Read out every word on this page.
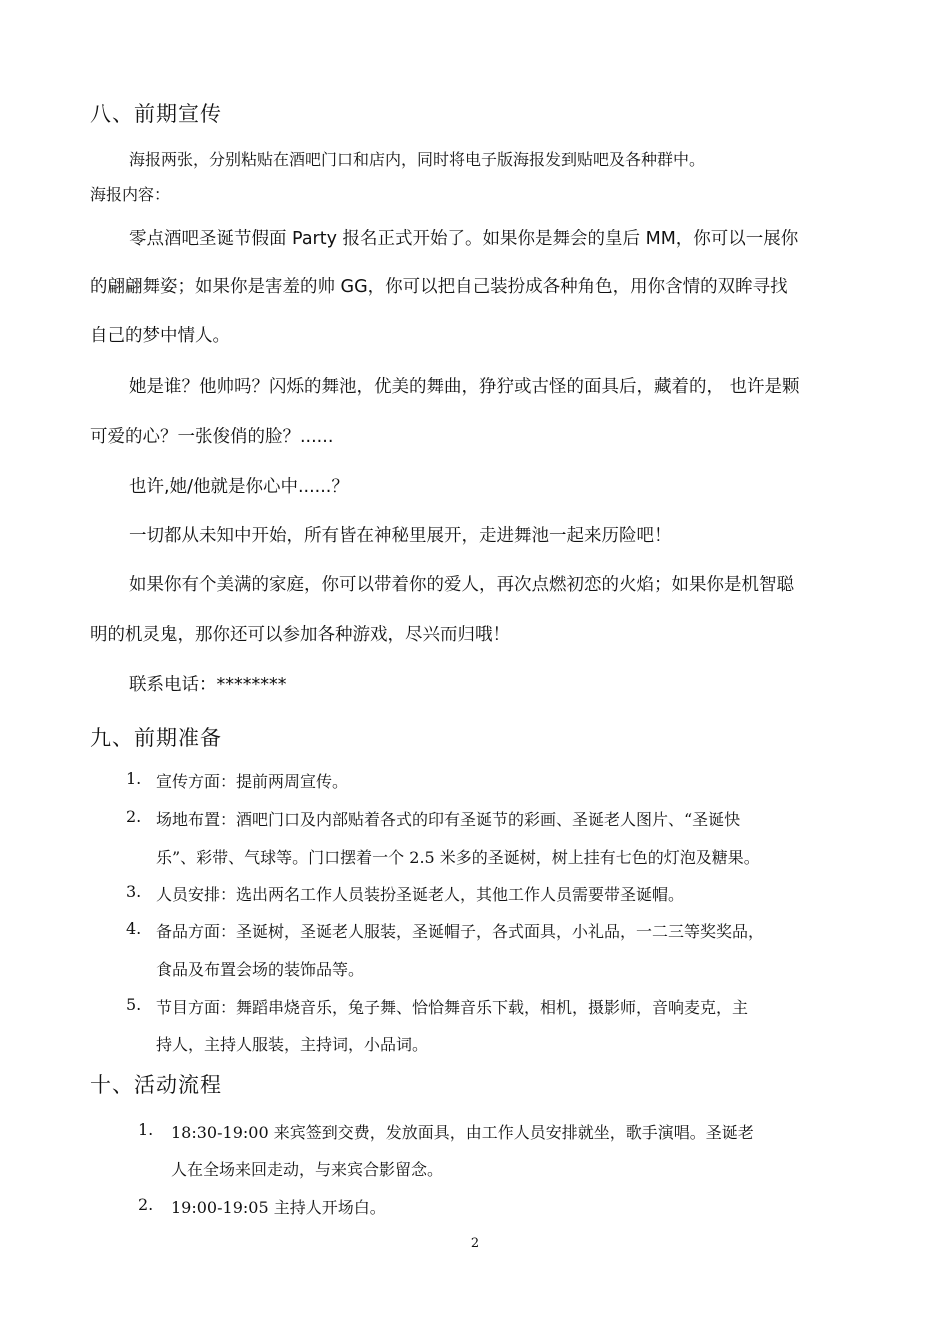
八、前期宣传
海报两张，分别粘贴在酒吧门口和店内，同时将电子版海报发到贴吧及各种群中。
海报内容：
零点酒吧圣诞节假面 Party 报名正式开始了。如果你是舞会的皇后 MM，你可以一展你
的翩翩舞姿；如果你是害羞的帅 GG，你可以把自己装扮成各种角色，用你含情的双眸寻找
自己的梦中情人。
她是谁？他帅吗？闪烁的舞池，优美的舞曲，狰狞或古怪的面具后，藏着的， 也许是颗
可爱的心？一张俊俏的脸？......
也许,她/他就是你心中......？
一切都从未知中开始，所有皆在神秘里展开，走进舞池一起来历险吧！
如果你有个美满的家庭，你可以带着你的爱人，再次点燃初恋的火焰；如果你是机智聪
明的机灵鬼，那你还可以参加各种游戏，尽兴而归哦！
联系电话：********
九、前期准备
1. 宣传方面：提前两周宣传。
2. 场地布置：酒吧门口及内部贴着各式的印有圣诞节的彩画、圣诞老人图片、“圣诞快
乐”、彩带、气球等。门口摆着一个 2.5 米多的圣诞树，树上挂有七色的灯泡及糖果。
3. 人员安排：选出两名工作人员装扮圣诞老人，其他工作人员需要带圣诞帽。
4. 备品方面：圣诞树，圣诞老人服装，圣诞帽子，各式面具，小礼品，一二三等奖奖品，
食品及布置会场的装饰品等。
5. 节目方面：舞蹈串烧音乐，兔子舞、恰恰舞音乐下载，相机，摄影师，音响麦克，主
持人，主持人服装，主持词，小品词。
十、活动流程
1. 18:30-19:00 来宾签到交费，发放面具，由工作人员安排就坐，歌手演唱。圣诞老
人在全场来回走动，与来宾合影留念。
2. 19:00-19:05 主持人开场白。
2
